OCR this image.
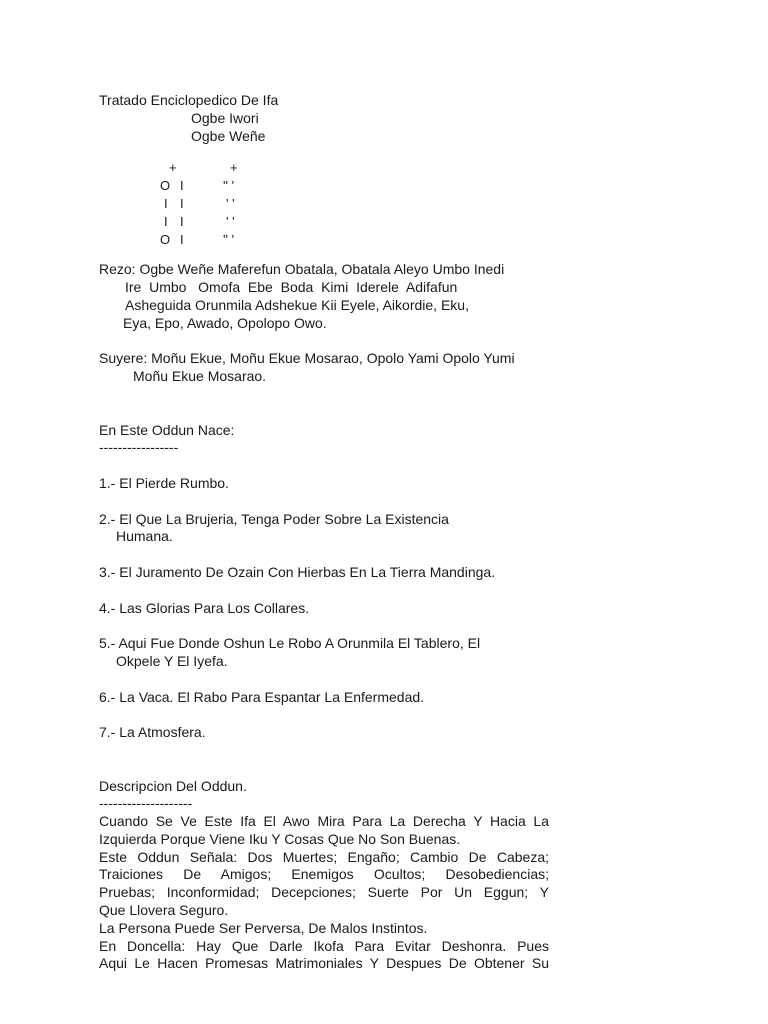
Tratado Enciclopedico De Ifa
Ogbe Iwori
Ogbe Weñe
+	+
O I	'' '
I I	' '
I I	' '
O I	'' '
Rezo: Ogbe Weñe Maferefun Obatala, Obatala Aleyo Umbo Inedi
Ire  Umbo   Omofa  Ebe  Boda  Kimi  Iderele  Adifafun
Asheguida Orunmila Adshekue Kii Eyele, Aikordie, Eku,
Eya, Epo, Awado, Opolopo Owo.
Suyere: Moñu Ekue, Moñu Ekue Mosarao, Opolo Yami Opolo Yumi
Moñu Ekue Mosarao.
En Este Oddun Nace:
-----------------
1.- El Pierde Rumbo.
2.- El Que La Brujeria, Tenga Poder Sobre La Existencia
Humana.
3.- El Juramento De Ozain Con Hierbas En La Tierra Mandinga.
4.- Las Glorias Para Los Collares.
5.- Aqui Fue Donde Oshun Le Robo A Orunmila El Tablero, El
Okpele Y El Iyefa.
6.- La Vaca. El Rabo Para Espantar La Enfermedad.
7.- La Atmosfera.
Descripcion Del Oddun.
--------------------
Cuando Se Ve Este Ifa El Awo Mira Para La Derecha Y Hacia La
Izquierda Porque Viene Iku Y Cosas Que No Son Buenas.
Este Oddun Señala: Dos Muertes; Engaño; Cambio De Cabeza;
Traiciones De Amigos; Enemigos Ocultos; Desobediencias;
Pruebas; Inconformidad; Decepciones; Suerte Por Un Eggun; Y
Que Llovera Seguro.
La Persona Puede Ser Perversa, De Malos Instintos.
En Doncella: Hay Que Darle Ikofa Para Evitar Deshonra. Pues
Aqui Le Hacen Promesas Matrimoniales Y Despues De Obtener Su
